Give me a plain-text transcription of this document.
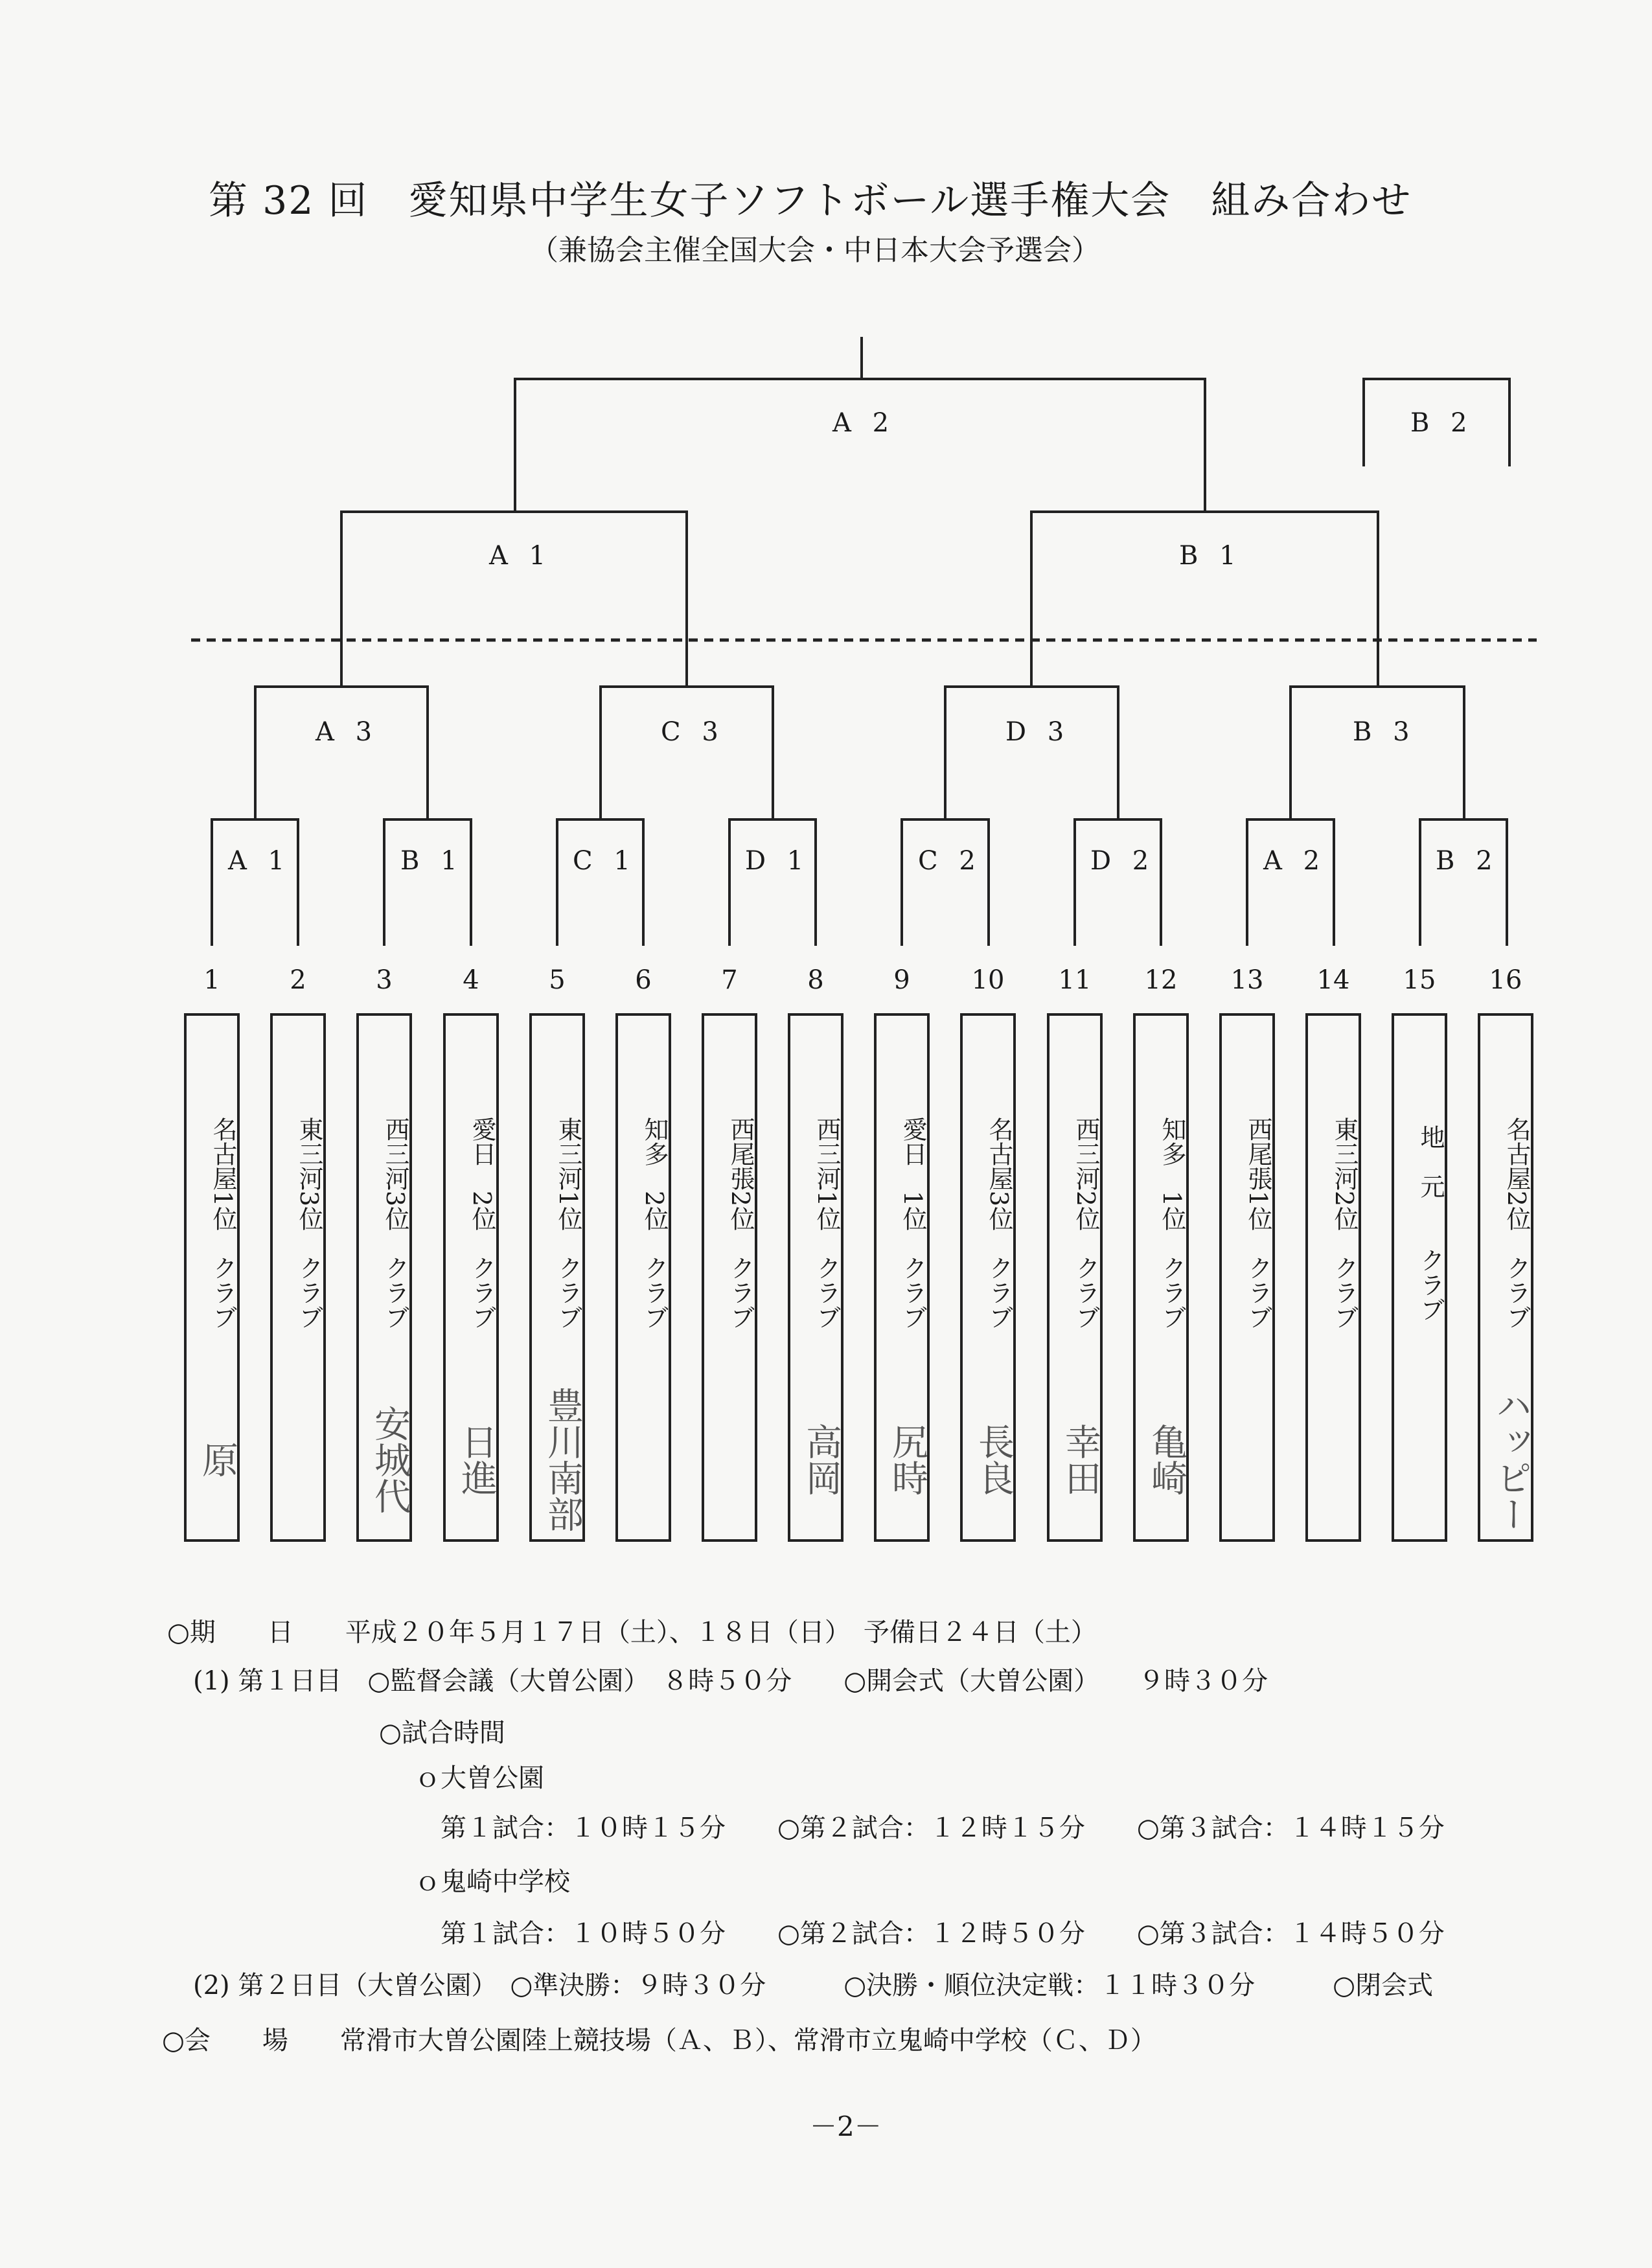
第 32 回　愛知県中学生女子ソフトボール選手権大会　組み合わせ
（兼協会主催全国大会・中日本大会予選会）
A 2	B 2
A 1	B 1
A 3	C 3	D 3	B 3
A 1	B 1	C 1	D 1	C 2	D 2	A 2	B 2
1	2	3	4	5	6	7	8	9	10	11	12	13	14	15	16
名古屋1位　クラブ
原
東三河3位　クラブ	西三河3位　クラブ
安城代
愛日　2位　クラブ
日進
東三河1位　クラブ
豊川南部
知多　2位　クラブ	西尾張2位　クラブ	西三河1位　クラブ
高岡
愛日　1位　クラブ
尻時
名古屋3位　クラブ
長良
西三河2位　クラブ
幸田
知多　1位　クラブ
亀崎
西尾張1位　クラブ	東三河2位　クラブ	地　元　　クラブ	名古屋2位　クラブ
ハッピー
○期　　日　　平成２０年５月１７日（土）、１８日（日）　予備日２４日（土）
(1) 第１日目　○監督会議（大曽公園）　８時５０分　　○開会式（大曽公園）　　９時３０分
○試合時間
ｏ大曽公園
第１試合：１０時１５分　　○第２試合：１２時１５分　　○第３試合：１４時１５分
ｏ鬼崎中学校
第１試合：１０時５０分　　○第２試合：１２時５０分　　○第３試合：１４時５０分
(2) 第２日目（大曽公園）　○準決勝：９時３０分　　　○決勝・順位決定戦：１１時３０分　　　○閉会式
○会　　場　　常滑市大曽公園陸上競技場（Ａ、Ｂ）、常滑市立鬼崎中学校（Ｃ、Ｄ）
－2－
